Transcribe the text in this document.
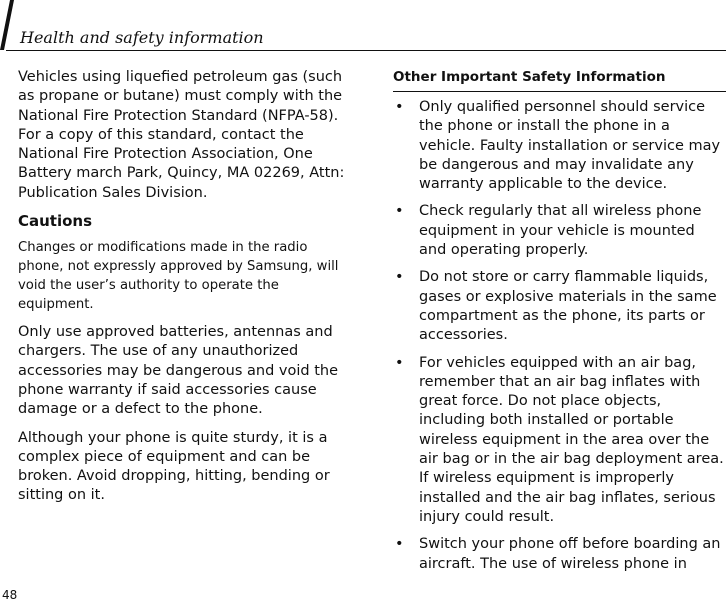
Health and safety information

Vehicles using liquefied petroleum gas (such as propane or butane) must comply with the National Fire Protection Standard (NFPA-58). For a copy of this standard, contact the National Fire Protection Association, One Battery march Park, Quincy, MA 02269, Attn: Publication Sales Division.

Cautions

Changes or modifications made in the radio phone, not expressly approved by Samsung, will void the user’s authority to operate the equipment.

Only use approved batteries, antennas and chargers. The use of any unauthorized accessories may be dangerous and void the phone warranty if said accessories cause damage or a defect to the phone.

Although your phone is quite sturdy, it is a complex piece of equipment and can be broken. Avoid dropping, hitting, bending or sitting on it.

Other Important Safety Information

• Only qualified personnel should service the phone or install the phone in a vehicle. Faulty installation or service may be dangerous and may invalidate any warranty applicable to the device.
• Check regularly that all wireless phone equipment in your vehicle is mounted and operating properly.
• Do not store or carry flammable liquids, gases or explosive materials in the same compartment as the phone, its parts or accessories.
• For vehicles equipped with an air bag, remember that an air bag inflates with great force. Do not place objects, including both installed or portable wireless equipment in the area over the air bag or in the air bag deployment area. If wireless equipment is improperly installed and the air bag inflates, serious injury could result.
• Switch your phone off before boarding an aircraft. The use of wireless phone in
48
